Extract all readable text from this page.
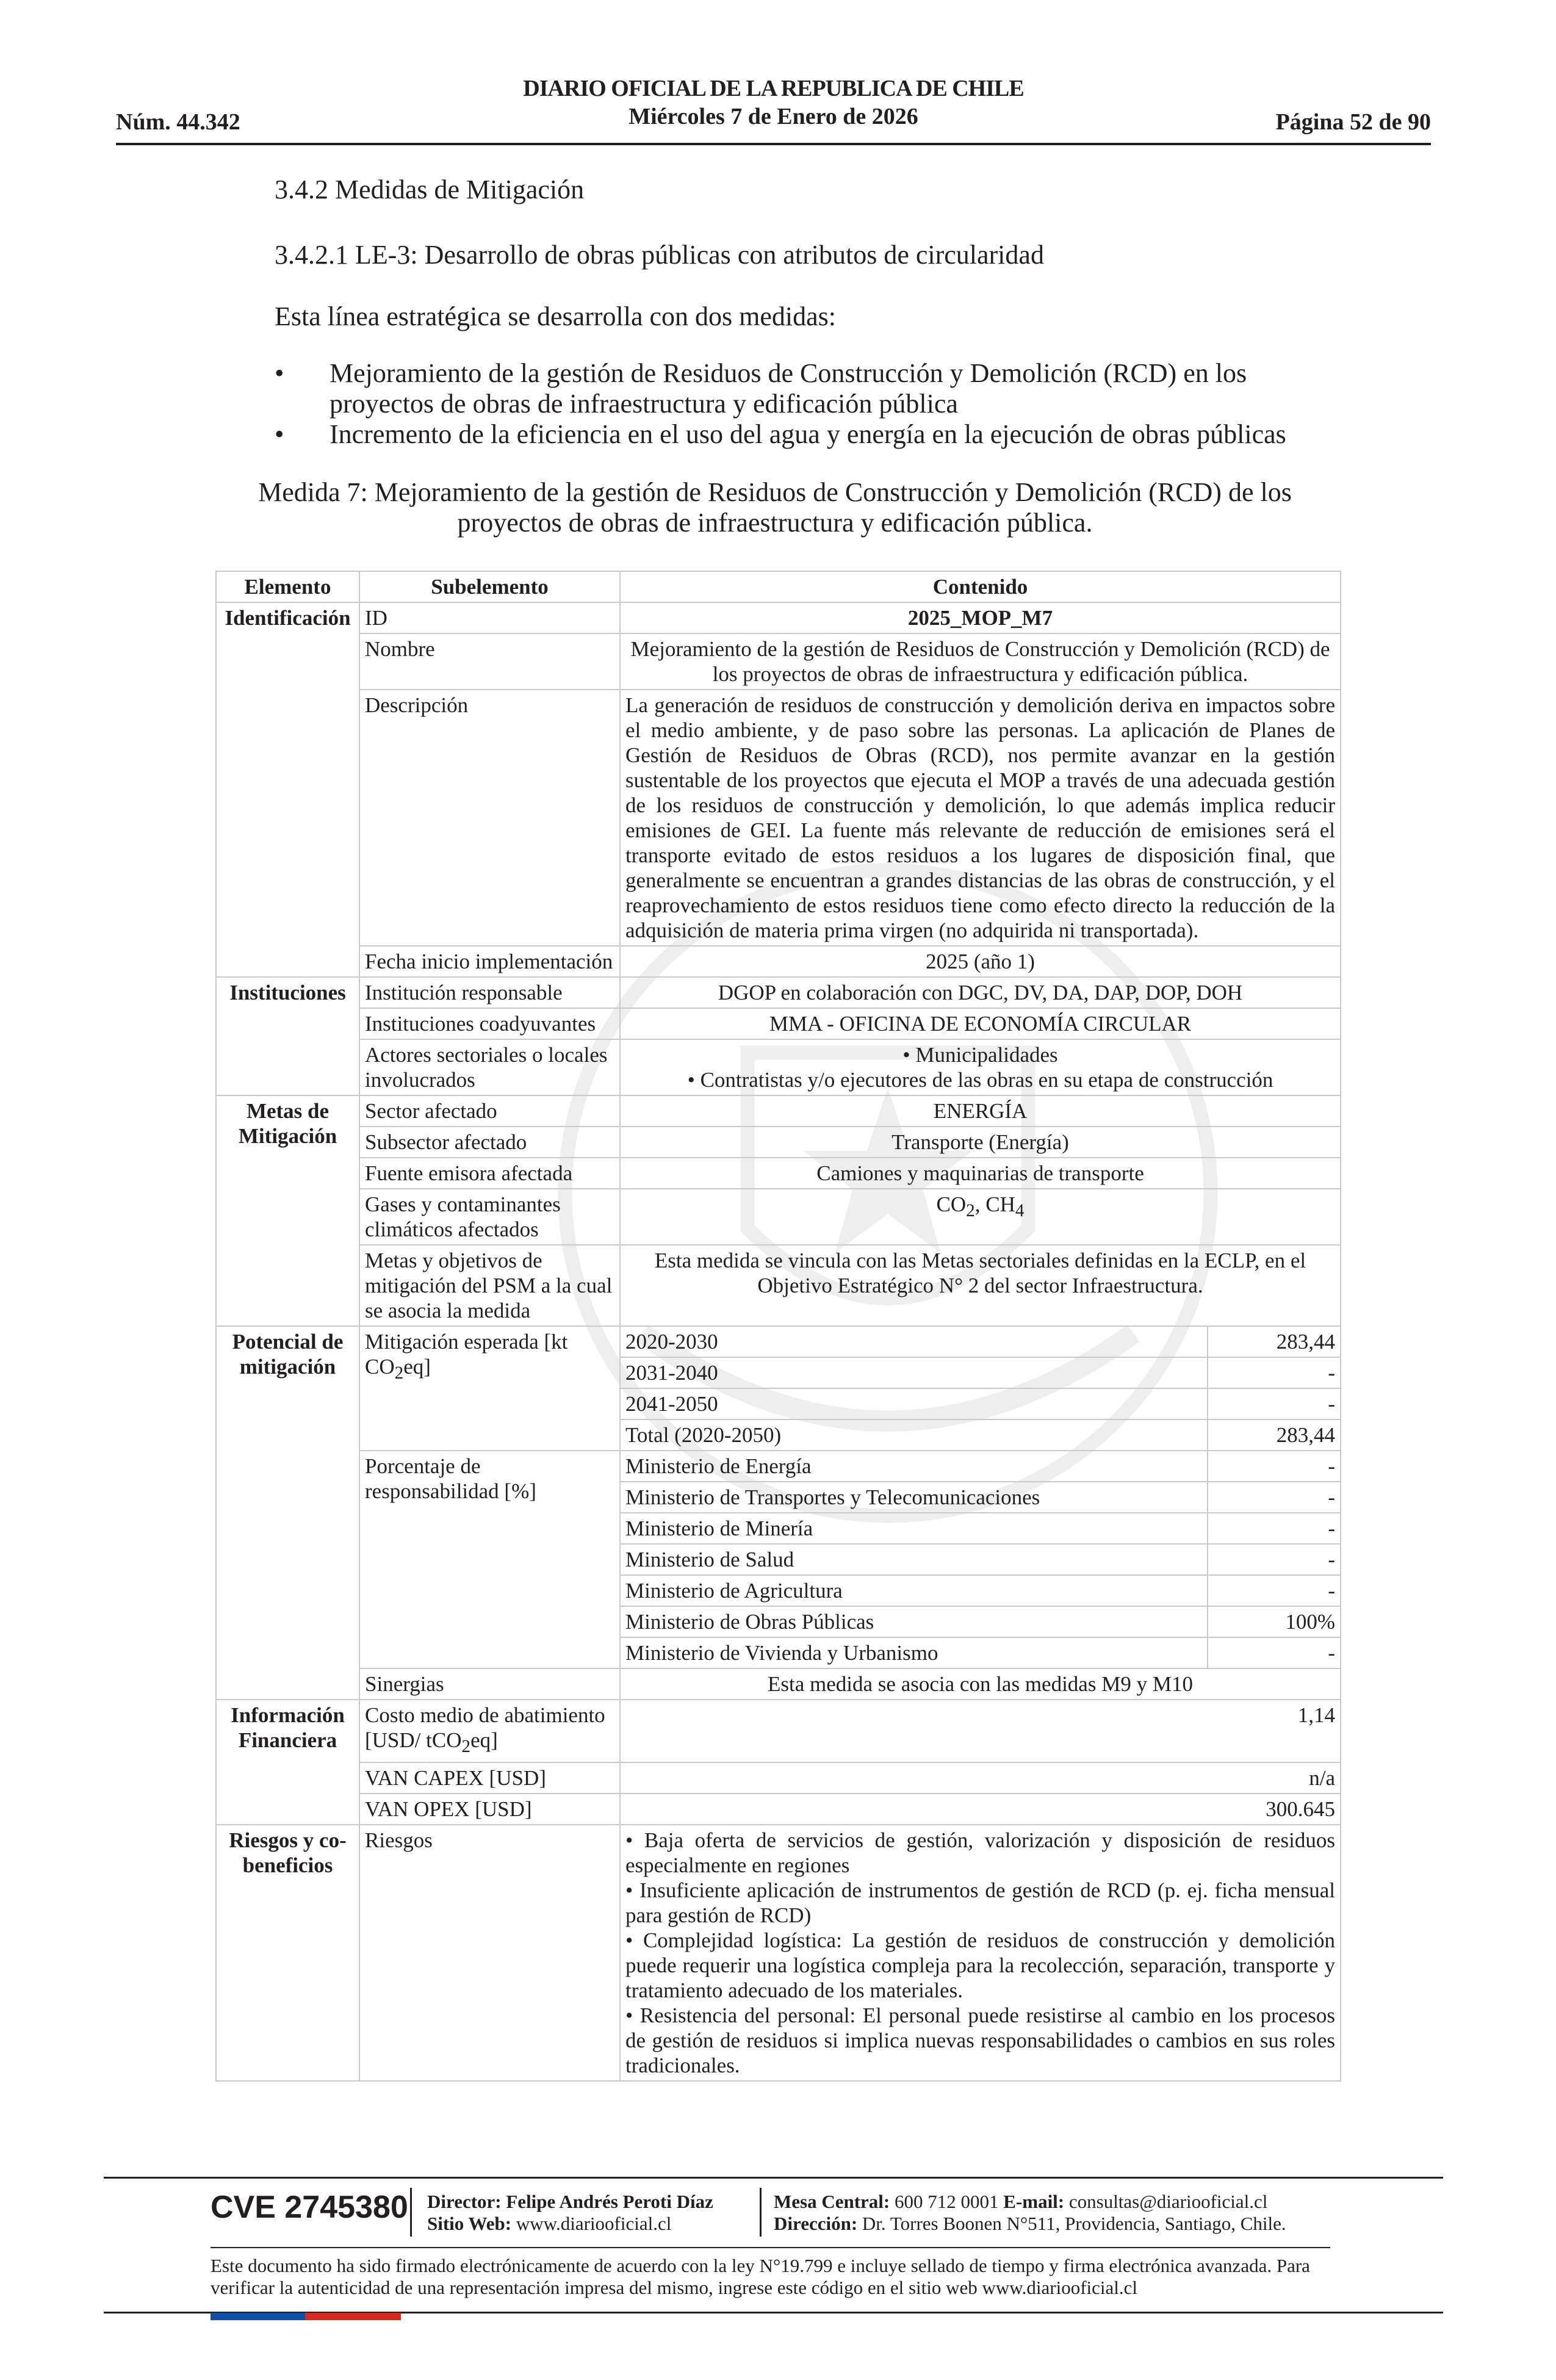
Núm. 44.342
DIARIO OFICIAL DE LA REPUBLICA DE CHILE
Miércoles 7 de Enero de 2026	Página 52 de 90
3.4.2 Medidas de Mitigación
3.4.2.1 LE-3: Desarrollo de obras públicas con atributos de circularidad
Esta línea estratégica se desarrolla con dos medidas:
• Mejoramiento de la gestión de Residuos de Construcción y Demolición (RCD) en los proyectos de obras de infraestructura y edificación pública
• Incremento de la eficiencia en el uso del agua y energía en la ejecución de obras públicas
Medida 7: Mejoramiento de la gestión de Residuos de Construcción y Demolición (RCD) de los proyectos de obras de infraestructura y edificación pública.
Elemento	Subelemento	Contenido	
Identificación	ID	2025_MOP_M7	
	Nombre	Mejoramiento de la gestión de Residuos de Construcción y Demolición (RCD) de los proyectos de obras de infraestructura y edificación pública.	
	Descripción	La generación de residuos de construcción y demolición deriva en impactos sobre el medio ambiente, y de paso sobre las personas. La aplicación de Planes de Gestión de Residuos de Obras (RCD), nos permite avanzar en la gestión sustentable de los proyectos que ejecuta el MOP a través de una adecuada gestión de los residuos de construcción y demolición, lo que además implica reducir emisiones de GEI. La fuente más relevante de reducción de emisiones será el transporte evitado de estos residuos a los lugares de disposición final, que generalmente se encuentran a grandes distancias de las obras de construcción, y el reaprovechamiento de estos residuos tiene como efecto directo la reducción de la adquisición de materia prima virgen (no adquirida ni transportada).	
	Fecha inicio implementación	2025 (año 1)	
Instituciones	Institución responsable	DGOP en colaboración con DGC, DV, DA, DAP, DOP, DOH	
	Instituciones coadyuvantes	MMA - OFICINA DE ECONOMÍA CIRCULAR	
	Actores sectoriales o locales involucrados	• Municipalidades
• Contratistas y/o ejecutores de las obras en su etapa de construcción	

Metas de Mitigación	Sector afectado	ENERGÍA	
	Subsector afectado	Transporte (Energía)	
	Fuente emisora afectada	Camiones y maquinarias de transporte	
	Gases y contaminantes climáticos afectados	$CO_2$, $CH_4$
	Metas y objetivos de mitigación del PSM a la cual se asocia la medida	Esta medida se vincula con las Metas sectoriales definidas en la ECLP, en el Objetivo Estratégico N° 2 del sector Infraestructura.	
Potencial de mitigación	Mitigación esperada [kt $CO_2eq$]	2020-2030	283,44
		2031-2040	-
		2041-2050	-
		Total (2020-2050)	283,44
	Porcentaje de responsabilidad [%]	Ministerio de Energía	-
		Ministerio de Transportes y Telecomunicaciones	-
		Ministerio de Minería	-
		Ministerio de Salud	-
		Ministerio de Agricultura	-
		Ministerio de Obras Públicas	100%
		Ministerio de Vivienda y Urbanismo	-
	Sinergias	Esta medida se asocia con las medidas M9 y M10	
Información Financiera	Costo medio de abatimiento [USD/ tCO$_2$eq]	1,14	
	VAN CAPEX [USD]	n/a	
	VAN OPEX [USD]	300.645	
Riesgos y co-beneficios	Riesgos	• Baja oferta de servicios de gestión, valorización y disposición de residuos especialmente en regiones
• Insuficiente aplicación de instrumentos de gestión de RCD (p. ej. ficha mensual para gestión de RCD)
• Complejidad logística: La gestión de residuos de construcción y demolición puede requerir una logística compleja para la recolección, separación, transporte y tratamiento adecuado de los materiales.
• Resistencia del personal: El personal puede resistirse al cambio en los procesos de gestión de residuos si implica nuevas responsabilidades o cambios en sus roles tradicionales.	
CVE 2745380 Director: Felipe Andrés Peroti Díaz
Sitio Web: www.diariooficial.cl
Mesa Central: 600 712 0001 E-mail: consultas@diariooficial.cl
Dirección: Dr. Torres Boonen N°511, Providencia, Santiago, Chile.
Este documento ha sido firmado electrónicamente de acuerdo con la ley N°19.799 e incluye sellado de tiempo y firma electrónica avanzada. Para verificar la autenticidad de una representación impresa del mismo, ingrese este código en el sitio web www.diariooficial.cl
